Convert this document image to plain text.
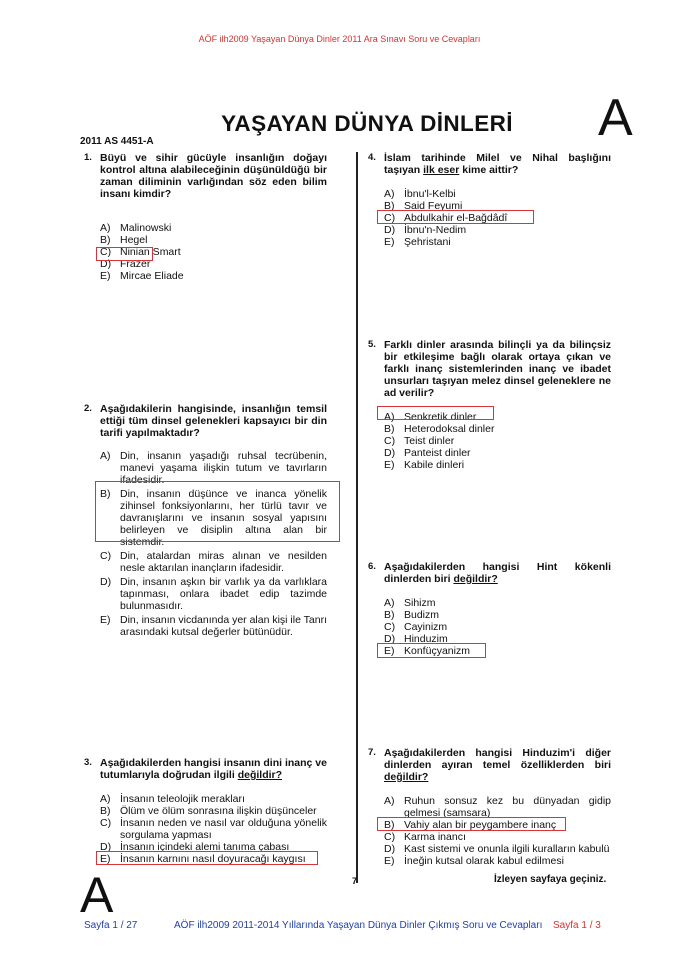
AÖF ilh2009 Yaşayan Dünya Dinler 2011 Ara Sınavı Soru ve Cevapları
YAŞAYAN DÜNYA DİNLERİ	A
2011 AS 4451-A
1. Büyü ve sihir gücüyle insanlığın doğayı kontrol altına alabileceğinin düşünüldüğü bir zaman diliminin varlığından söz eden bilim insanı kimdir?
A) Malinowski
B) Hegel
C) Ninian Smart
D) Frazer
E) Mircae Eliade
2. Aşağıdakilerin hangisinde, insanlığın temsil ettiği tüm dinsel gelenekleri kapsayıcı bir din tarifi yapılmaktadır?
A) Din, insanın yaşadığı ruhsal tecrübenin, manevi yaşama ilişkin tutum ve tavırların ifadesidir.
B) Din, insanın düşünce ve inanca yönelik zihinsel fonksiyonlarını, her türlü tavır ve davranışlarını ve insanın sosyal yapısını belirleyen ve disiplin altına alan bir sistemdir.
C) Din, atalardan miras alınan ve nesilden nesle aktarılan inançların ifadesidir.
D) Din, insanın aşkın bir varlık ya da varlıklara tapınması, onlara ibadet edip tazimde bulunmasıdır.
E) Din, insanın vicdanında yer alan kişi ile Tanrı arasındaki kutsal değerler bütünüdür.
3. Aşağıdakilerden hangisi insanın dini inanç ve tutumlarıyla doğrudan ilgili değildir?
A) İnsanın teleolojik merakları
B) Ölüm ve ölüm sonrasına ilişkin düşünceler
C) İnsanın neden ve nasıl var olduğuna yönelik sorgulama yapması
D) İnsanın içindeki alemi tanıma çabası
E) İnsanın karnını nasıl doyuracağı kaygısı
4. İslam tarihinde Milel ve Nihal başlığını taşıyan ilk eser kime aittir?
A) İbnu'l-Kelbi
B) Said Feyumi
C) Abdulkahir el-Bağdâdî
D) İbnu'n-Nedim
E) Şehristani
5. Farklı dinler arasında bilinçli ya da bilinçsiz bir etkileşime bağlı olarak ortaya çıkan ve farklı inanç sistemlerinden inanç ve ibadet unsurları taşıyan melez dinsel geleneklere ne ad verilir?
A) Senkretik dinler
B) Heterodoksal dinler
C) Teist dinler
D) Panteist dinler
E) Kabile dinleri
6. Aşağıdakilerden hangisi Hint kökenli dinlerden biri değildir?
A) Sihizm
B) Budizm
C) Cayinizm
D) Hinduzim
E) Konfüçyanizm
7. Aşağıdakilerden hangisi Hinduzim'i diğer dinlerden ayıran temel özelliklerden biri değildir?
A) Ruhun sonsuz kez bu dünyadan gidip gelmesi (samsara)
B) Vahiy alan bir peygambere inanç
C) Karma inancı
D) Kast sistemi ve onunla ilgili kuralların kabulü
E) İneğin kutsal olarak kabul edilmesi
7	İzleyen sayfaya geçiniz.
A
Sayfa 1 / 27	AÖF ilh2009 2011-2014 Yıllarında Yaşayan Dünya Dinler Çıkmış Soru ve Cevapları Sayfa 1 / 3
